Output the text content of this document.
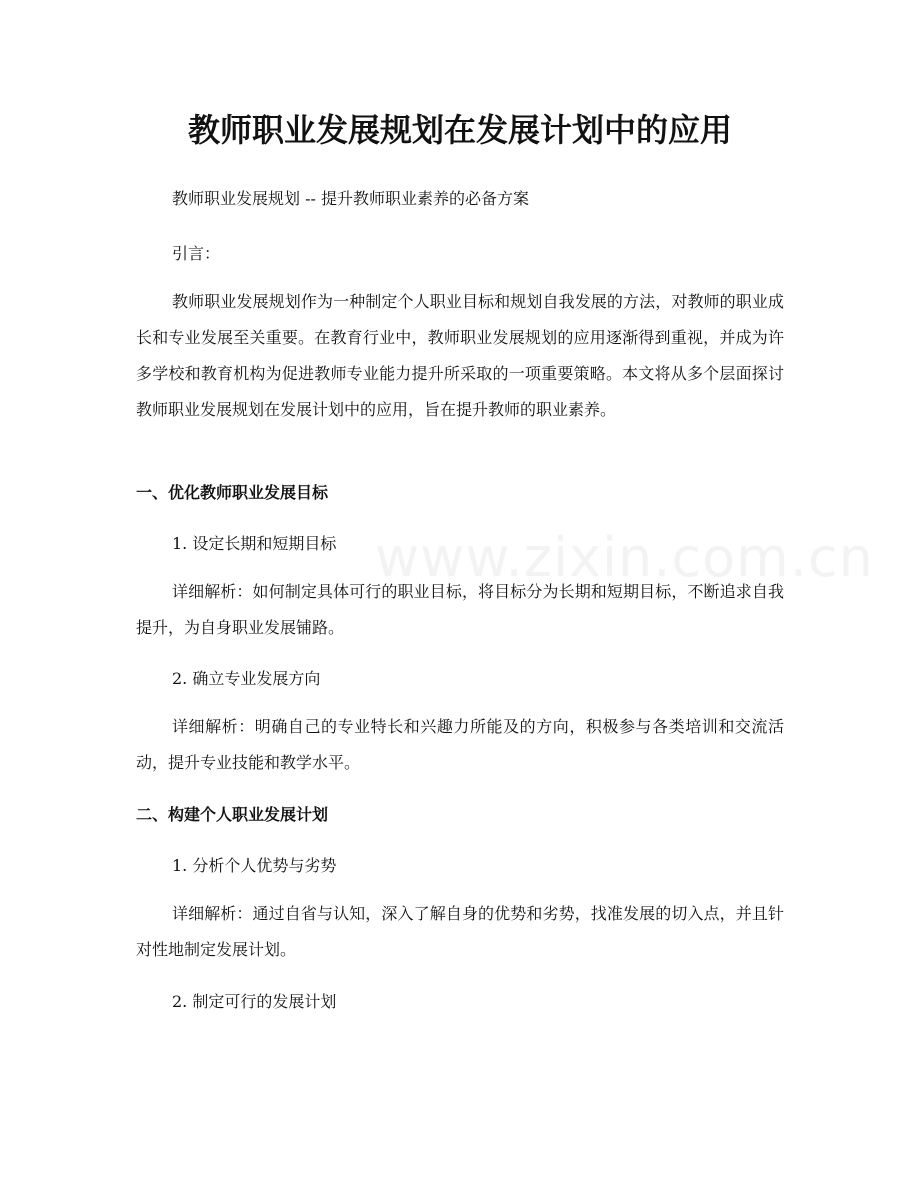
www.zixin.com.cn
教师职业发展规划在发展计划中的应用

教师职业发展规划 -- 提升教师职业素养的必备方案

引言：

教师职业发展规划作为一种制定个人职业目标和规划自我发展的方法，对教师的职业成长和专业发展至关重要。在教育行业中，教师职业发展规划的应用逐渐得到重视，并成为许多学校和教育机构为促进教师专业能力提升所采取的一项重要策略。本文将从多个层面探讨教师职业发展规划在发展计划中的应用，旨在提升教师的职业素养。

一、优化教师职业发展目标

1. 设定长期和短期目标

详细解析：如何制定具体可行的职业目标，将目标分为长期和短期目标，不断追求自我提升，为自身职业发展铺路。

2. 确立专业发展方向

详细解析：明确自己的专业特长和兴趣力所能及的方向，积极参与各类培训和交流活动，提升专业技能和教学水平。

二、构建个人职业发展计划

1. 分析个人优势与劣势

详细解析：通过自省与认知，深入了解自身的优势和劣势，找准发展的切入点，并且针对性地制定发展计划。

2. 制定可行的发展计划
